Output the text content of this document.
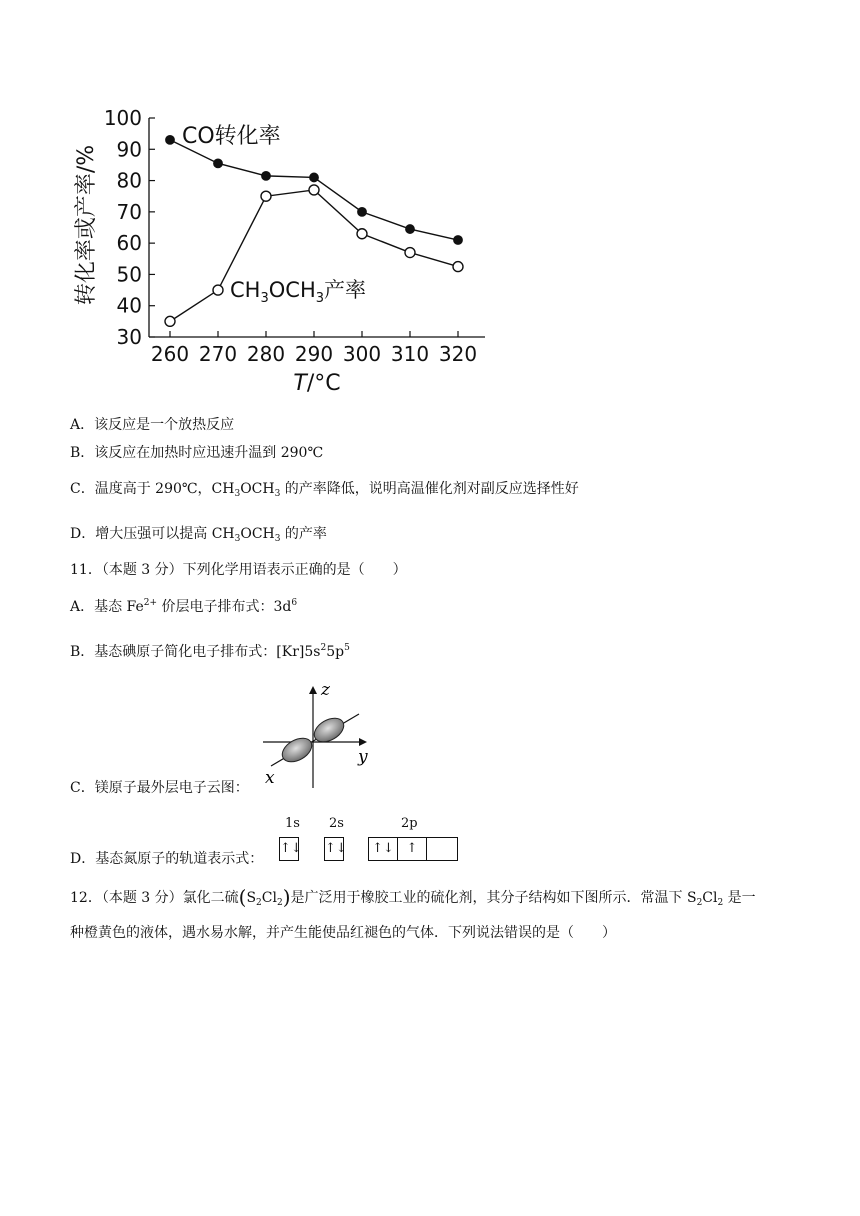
30
40
50
60
70
80
90
100
260 270 280 290 300 310 320
转化率或产率/%
T/°C
CO转化率
$CH_3OCH_3$产率
A．该反应是一个放热反应
B．该反应在加热时应迅速升温到 290℃
C．温度高于 290℃，$CH_3OCH_3$ 的产率降低，说明高温催化剂对副反应选择性好
D．增大压强可以提高 $CH_3OCH_3$ 的产率
11．（本题 3 分）下列化学用语表示正确的是（　　）
A．基态 $Fe^{2+}$ 价层电子排布式：$3d^6$
B．基态碘原子简化电子排布式：$[Kr]5s^25p^5$
z
y
x
C．镁原子最外层电子云图：
1s 2s	2p
↑↓ ↑↓	↑↓ ↑
D．基态氮原子的轨道表示式：
12．（本题 3 分）氯化二硫$(S_2Cl_2)$是广泛用于橡胶工业的硫化剂，其分子结构如下图所示．常温下 $S_2Cl_2$ 是一
种橙黄色的液体，遇水易水解，并产生能使品红褪色的气体．下列说法错误的是（　　）
